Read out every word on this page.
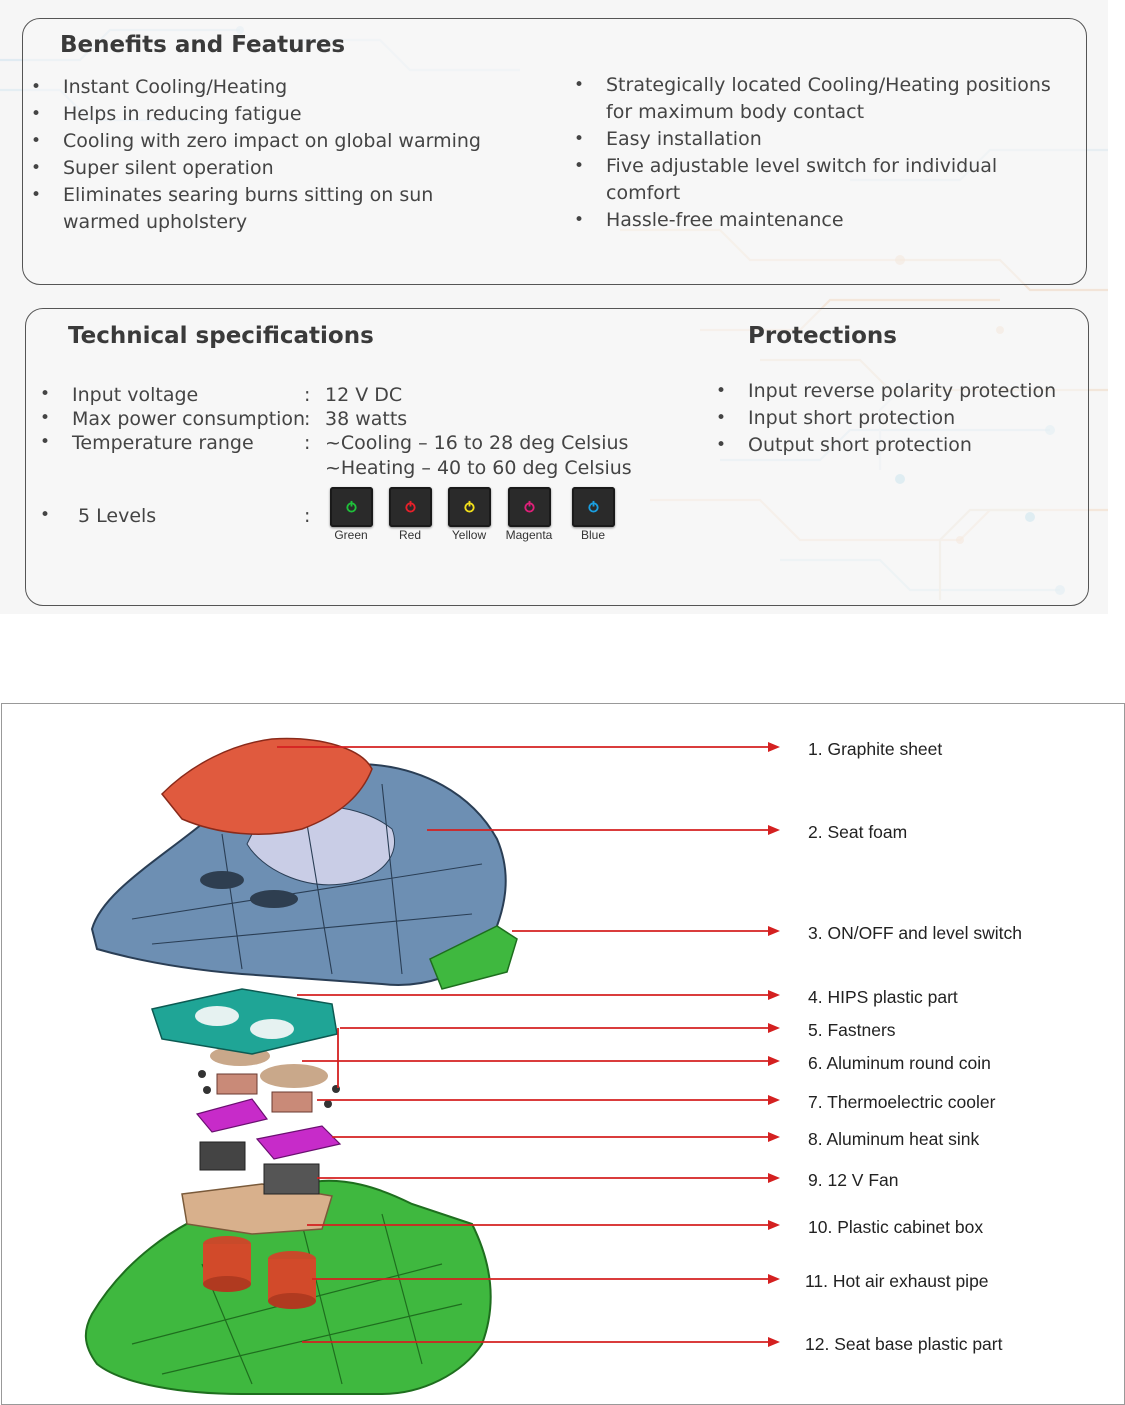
Benefits and Features
• Instant Cooling/Heating
• Helps in reducing fatigue
• Cooling with zero impact on global warming
• Super silent operation
• Eliminates searing burns sitting on sun warmed upholstery
• Strategically located Cooling/Heating positions for maximum body contact
• Easy installation
• Five adjustable level switch for individual comfort
• Hassle-free maintenance
Technical specifications	Protections
• Input voltage	: 12 V DC
• Max power consumption
: 38 watts
• Temperature range	: ~Cooling – 16 to 28 deg Celsius
~Heating – 40 to 60 deg Celsius
• 5 Levels	:
Green	Red	Yellow	Magenta	Blue
• Input reverse polarity protection
• Input short protection
• Output short protection
1. Graphite sheet
2. Seat foam
3. ON/OFF and level switch
4. HIPS plastic part
5. Fastners
6. Aluminum round coin
7. Thermoelectric cooler
8. Aluminum heat sink
9. 12 V Fan
10. Plastic cabinet box
11. Hot air exhaust pipe
12. Seat base plastic part
